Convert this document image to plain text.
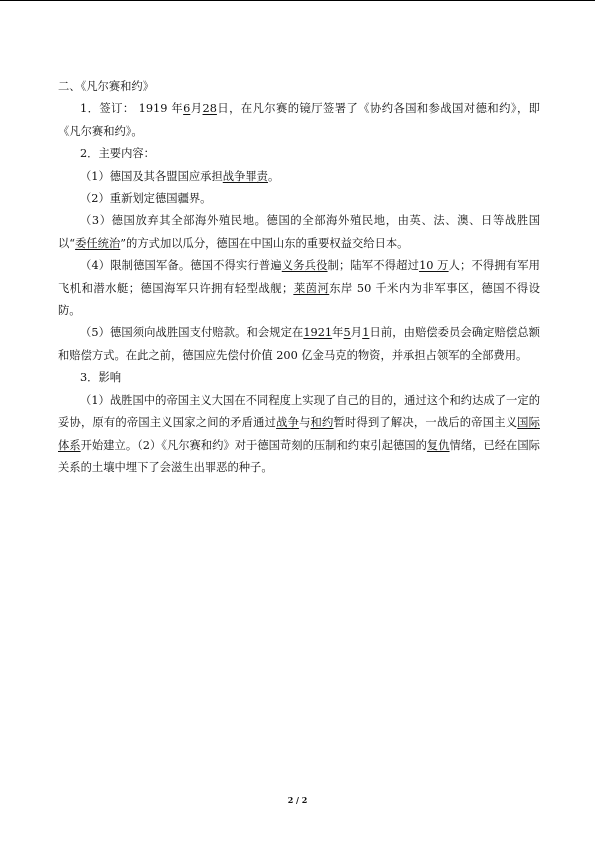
二、《凡尔赛和约》

1．签订： 1919 年6月28日，在凡尔赛的镜厅签署了《协约各国和参战国对德和约》，即《凡尔赛和约》。

2．主要内容：

（1）德国及其各盟国应承担战争罪责。

（2）重新划定德国疆界。

（3）德国放弃其全部海外殖民地。德国的全部海外殖民地，由英、法、澳、日等战胜国以“委任统治”的方式加以瓜分，德国在中国山东的重要权益交给日本。

（4）限制德国军备。德国不得实行普遍义务兵役制；陆军不得超过10 万人；不得拥有军用飞机和潜水艇；德国海军只许拥有轻型战舰；莱茵河东岸 50 千米内为非军事区，德国不得设防。

（5）德国须向战胜国支付赔款。和会规定在1921年5月1日前，由赔偿委员会确定赔偿总额和赔偿方式。在此之前，德国应先偿付价值 200 亿金马克的物资，并承担占领军的全部费用。

3．影响

（1）战胜国中的帝国主义大国在不同程度上实现了自己的目的，通过这个和约达成了一定的妥协，原有的帝国主义国家之间的矛盾通过战争与和约暂时得到了解决，一战后的帝国主义国际体系开始建立。（2）《凡尔赛和约》对于德国苛刻的压制和约束引起德国的复仇情绪，已经在国际关系的土壤中埋下了会滋生出罪恶的种子。

2 / 2
